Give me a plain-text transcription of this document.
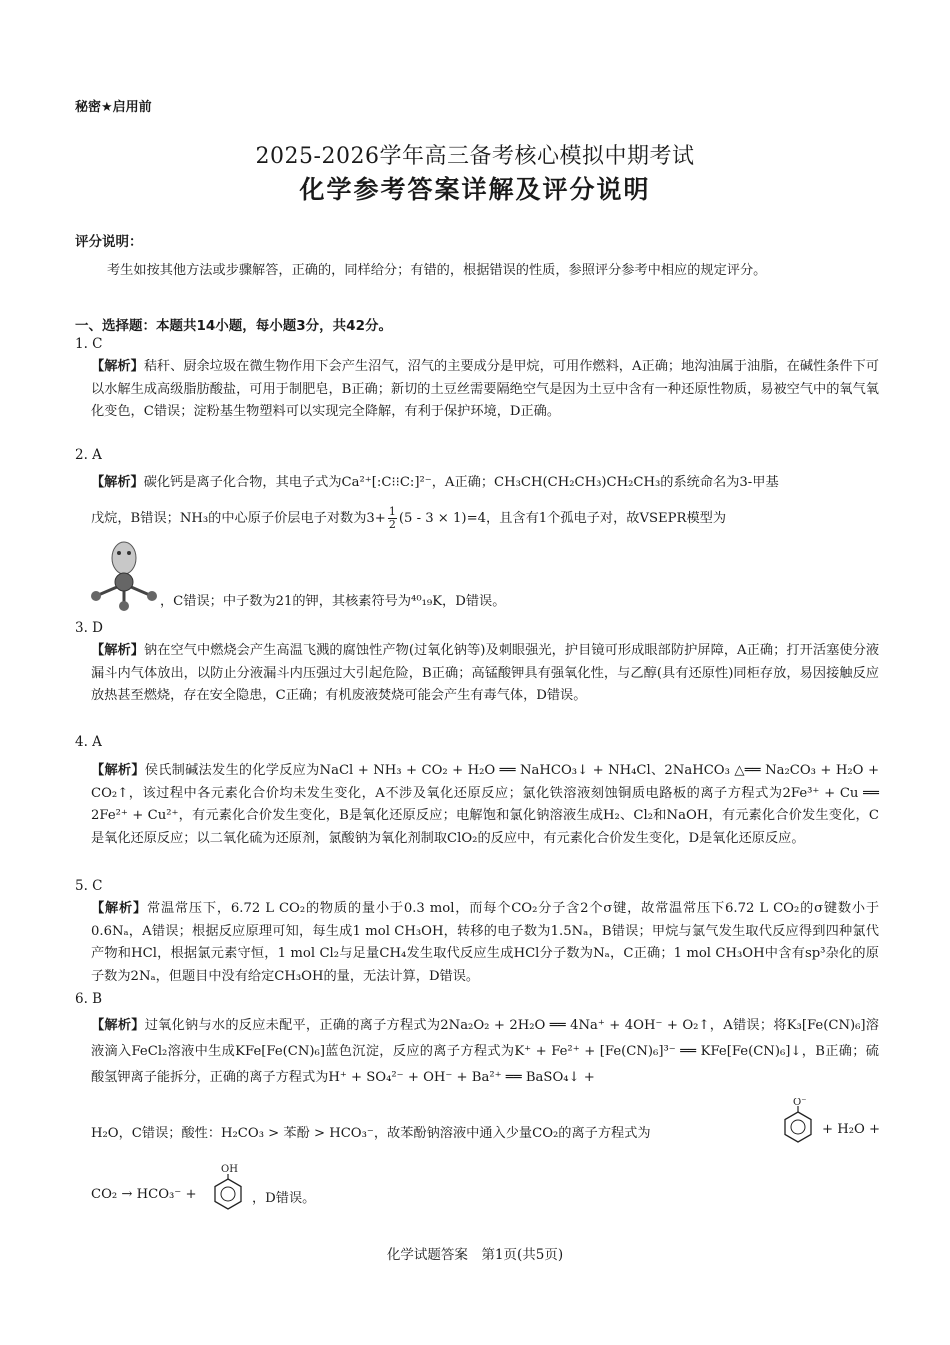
秘密★启用前
2025-2026学年高三备考核心模拟中期考试
化学参考答案详解及评分说明
评分说明：
考生如按其他方法或步骤解答，正确的，同样给分；有错的，根据错误的性质，参照评分参考中相应的规定评分。
一、选择题：本题共14小题，每小题3分，共42分。
1. C
【解析】秸秆、厨余垃圾在微生物作用下会产生沼气，沼气的主要成分是甲烷，可用作燃料，A正确；地沟油属于油脂，在碱性条件下可以水解生成高级脂肪酸盐，可用于制肥皂，B正确；新切的土豆丝需要隔绝空气是因为土豆中含有一种还原性物质，易被空气中的氧气氧化变色，C错误；淀粉基生物塑料可以实现完全降解，有利于保护环境，D正确。
2. A
【解析】碳化钙是离子化合物，其电子式为Ca²⁺[:C⁝⁝C:]²⁻，A正确；CH₃CH(CH₂CH₃)CH₂CH₃的系统命名为3-甲基
戊烷，B错误；NH₃的中心原子价层电子对数为$3+ \frac{1}{2} (5 - 3 \times 1)=4$，且含有1个孤电子对，故VSEPR模型为
，C错误；中子数为21的钾，其核素符号为⁴⁰₁₉K，D错误。
3. D
【解析】钠在空气中燃烧会产生高温飞溅的腐蚀性产物(过氧化钠等)及刺眼强光，护目镜可形成眼部防护屏障，A正确；打开活塞使分液漏斗内气体放出，以防止分液漏斗内压强过大引起危险，B正确；高锰酸钾具有强氧化性，与乙醇(具有还原性)同柜存放，易因接触反应放热甚至燃烧，存在安全隐患，C正确；有机废液焚烧可能会产生有毒气体，D错误。
4. A
【解析】侯氏制碱法发生的化学反应为NaCl + NH₃ + CO₂ + H₂O ══ NaHCO₃↓ + NH₄Cl、2NaHCO₃ △══ Na₂CO₃ + H₂O + CO₂↑，该过程中各元素化合价均未发生变化，A不涉及氧化还原反应；氯化铁溶液刻蚀铜质电路板的离子方程式为2Fe³⁺ + Cu ══ 2Fe²⁺ + Cu²⁺，有元素化合价发生变化，B是氧化还原反应；电解饱和氯化钠溶液生成H₂、Cl₂和NaOH，有元素化合价发生变化，C是氧化还原反应；以二氧化硫为还原剂，氯酸钠为氧化剂制取ClO₂的反应中，有元素化合价发生变化，D是氧化还原反应。
5. C
【解析】常温常压下，6.72 L CO₂的物质的量小于0.3 mol，而每个CO₂分子含2个σ键，故常温常压下6.72 L CO₂的σ键数小于0.6Nₐ，A错误；根据反应原理可知，每生成1 mol CH₃OH，转移的电子数为1.5Nₐ，B错误；甲烷与氯气发生取代反应得到四种氯代产物和HCl，根据氯元素守恒，1 mol Cl₂与足量CH₄发生取代反应生成HCl分子数为Nₐ，C正确；1 mol CH₃OH中含有sp³杂化的原子数为2Nₐ，但题目中没有给定CH₃OH的量，无法计算，D错误。
6. B
【解析】过氧化钠与水的反应未配平，正确的离子方程式为2Na₂O₂ + 2H₂O ══ 4Na⁺ + 4OH⁻ + O₂↑，A错误；将K₃[Fe(CN)₆]溶液滴入FeCl₂溶液中生成KFe[Fe(CN)₆]蓝色沉淀，反应的离子方程式为K⁺ + Fe²⁺ + [Fe(CN)₆]³⁻ ══ KFe[Fe(CN)₆]↓，B正确；硫酸氢钾离子能拆分，正确的离子方程式为H⁺ + SO₄²⁻ + OH⁻ + Ba²⁺ ══ BaSO₄↓ +
H₂O，C错误；酸性：H₂CO₃ > 苯酚 > HCO₃⁻，故苯酚钠溶液中通入少量CO₂的离子方程式为
O⁻
+ H₂O +
CO₂ → HCO₃⁻ +
OH
，D错误。
化学试题答案　第1页(共5页)
